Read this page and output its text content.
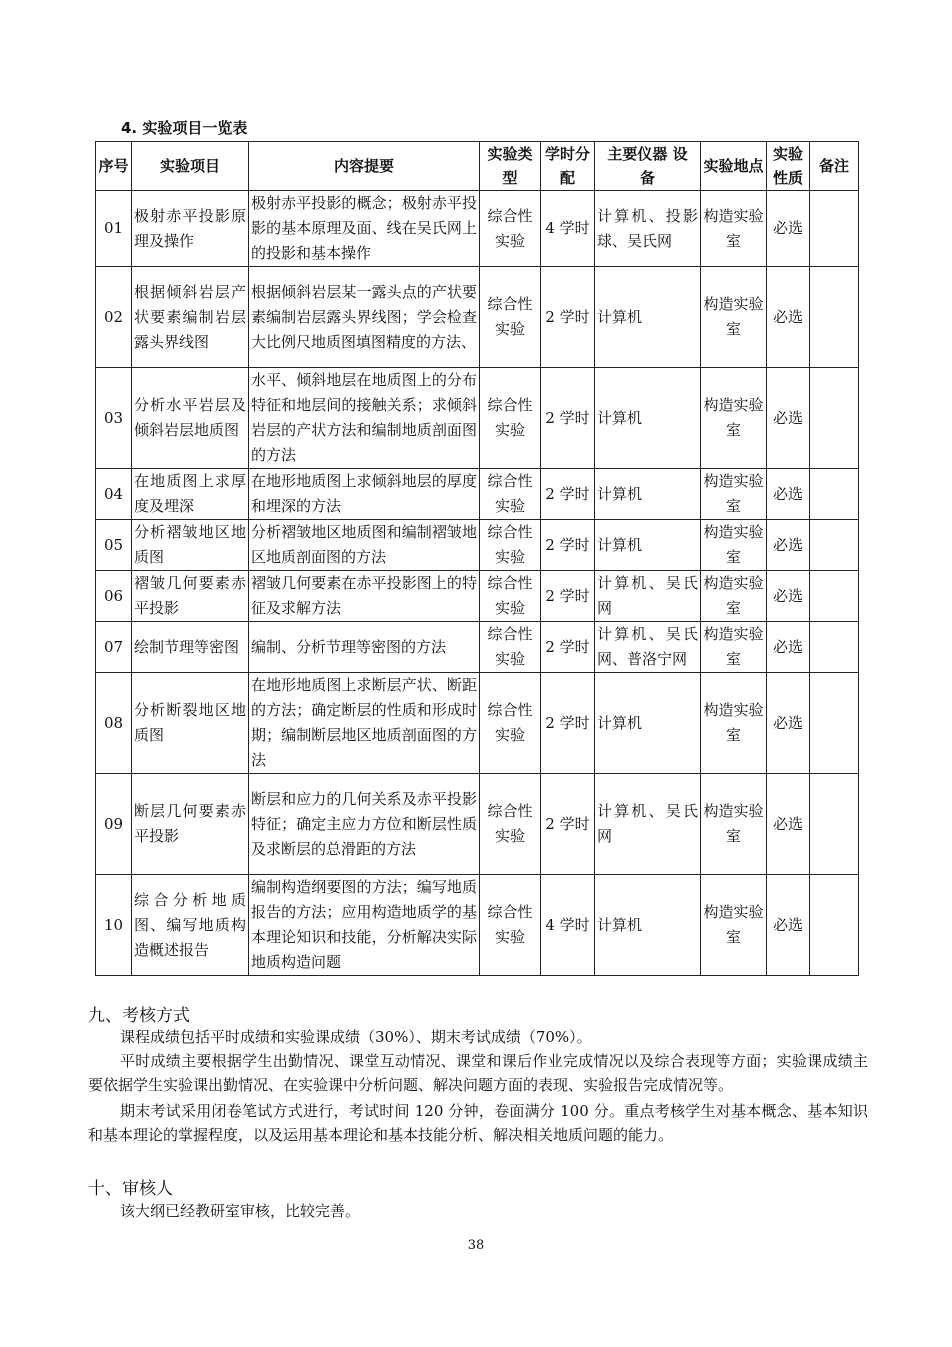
4. 实验项目一览表
序号	实验项目	内容提要	实验类型	学时分配	主要仪器 设　备	实验地点	实验性质	备注
01	极射赤平投影原理及操作	极射赤平投影的概念；极射赤平投影的基本原理及面、线在吴氏网上的投影和基本操作	综合性实验	4 学时	计算机、投影球、吴氏网	构造实验室	必选	
02	根据倾斜岩层产状要素编制岩层露头界线图	根据倾斜岩层某一露头点的产状要素编制岩层露头界线图；学会检查大比例尺地质图填图精度的方法、	综合性实验	2 学时	计算机	构造实验室	必选	
03	分析水平岩层及倾斜岩层地质图	水平、倾斜地层在地质图上的分布特征和地层间的接触关系；求倾斜岩层的产状方法和编制地质剖面图的方法	综合性实验	2 学时	计算机	构造实验室	必选	
04	在地质图上求厚度及埋深	在地形地质图上求倾斜地层的厚度和埋深的方法	综合性实验	2 学时	计算机	构造实验室	必选	
05	分析褶皱地区地质图	分析褶皱地区地质图和编制褶皱地区地质剖面图的方法	综合性实验	2 学时	计算机	构造实验室	必选	
06	褶皱几何要素赤平投影	褶皱几何要素在赤平投影图上的特征及求解方法	综合性实验	2 学时	计算机、吴氏网	构造实验室	必选	
07	绘制节理等密图	编制、分析节理等密图的方法	综合性实验	2 学时	计算机、吴氏网、普洛宁网	构造实验室	必选	
08	分析断裂地区地质图	在地形地质图上求断层产状、断距的方法；确定断层的性质和形成时期；编制断层地区地质剖面图的方法	综合性实验	2 学时	计算机	构造实验室	必选	
09	断层几何要素赤平投影	断层和应力的几何关系及赤平投影特征；确定主应力方位和断层性质及求断层的总滑距的方法	综合性实验	2 学时	计算机、吴氏网	构造实验室	必选	
10	综合分析地质图、编写地质构造概述报告	编制构造纲要图的方法；编写地质报告的方法；应用构造地质学的基本理论知识和技能，分析解决实际地质构造问题	综合性实验	4 学时	计算机	构造实验室	必选	
九、考核方式
课程成绩包括平时成绩和实验课成绩（30%）、期末考试成绩（70%）。
平时成绩主要根据学生出勤情况、课堂互动情况、课堂和课后作业完成情况以及综合表现等方面；实验课成绩主要依据学生实验课出勤情况、在实验课中分析问题、解决问题方面的表现、实验报告完成情况等。
期末考试采用闭卷笔试方式进行，考试时间 120 分钟，卷面满分 100 分。重点考核学生对基本概念、基本知识和基本理论的掌握程度，以及运用基本理论和基本技能分析、解决相关地质问题的能力。
十、审核人
该大纲已经教研室审核，比较完善。
38
